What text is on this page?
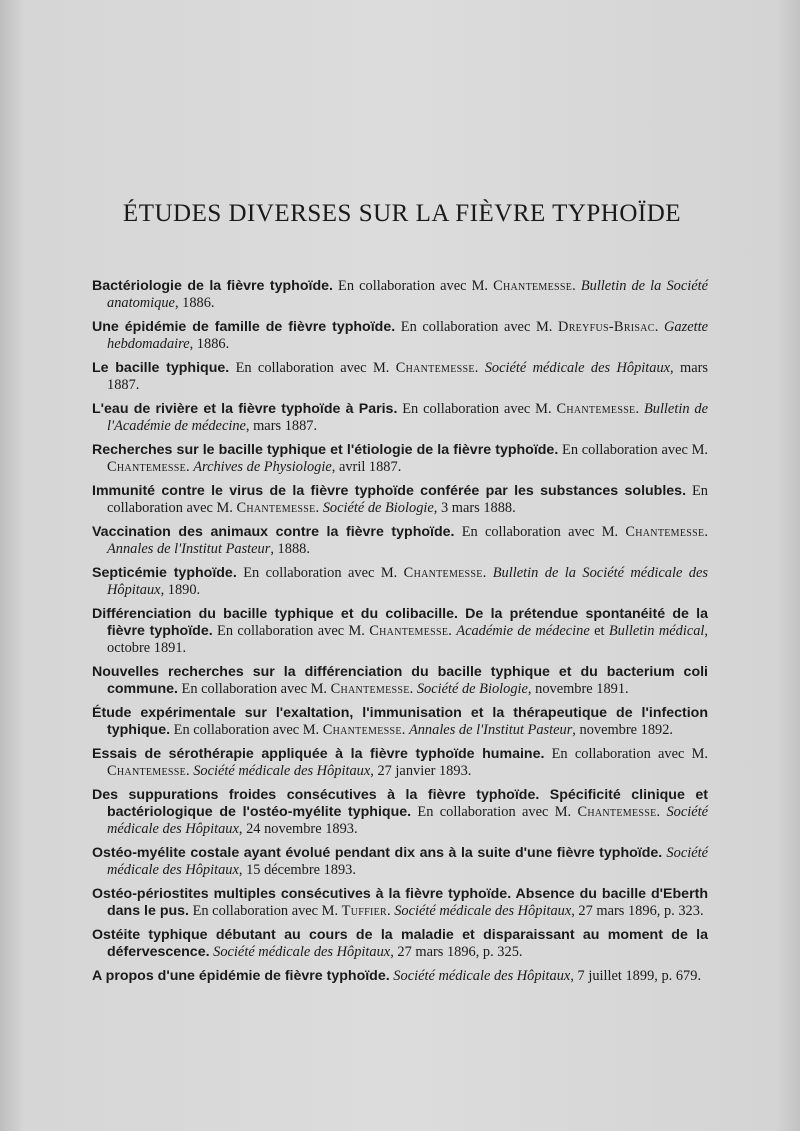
ÉTUDES DIVERSES SUR LA FIÈVRE TYPHOÏDE

Bactériologie de la fièvre typhoïde. En collaboration avec M. Chantemesse. Bulletin de la Société anatomique, 1886.

Une épidémie de famille de fièvre typhoïde. En collaboration avec M. Dreyfus-Brisac. Gazette hebdomadaire, 1886.

Le bacille typhique. En collaboration avec M. Chantemesse. Société médicale des Hôpitaux, mars 1887.

L'eau de rivière et la fièvre typhoïde à Paris. En collaboration avec M. Chantemesse. Bulletin de l'Académie de médecine, mars 1887.

Recherches sur le bacille typhique et l'étiologie de la fièvre typhoïde. En collaboration avec M. Chantemesse. Archives de Physiologie, avril 1887.

Immunité contre le virus de la fièvre typhoïde conférée par les substances solubles. En collaboration avec M. Chantemesse. Société de Biologie, 3 mars 1888.

Vaccination des animaux contre la fièvre typhoïde. En collaboration avec M. Chantemesse. Annales de l'Institut Pasteur, 1888.

Septicémie typhoïde. En collaboration avec M. Chantemesse. Bulletin de la Société médicale des Hôpitaux, 1890.

Différenciation du bacille typhique et du colibacille. De la prétendue spontanéité de la fièvre typhoïde. En collaboration avec M. Chantemesse. Académie de médecine et Bulletin médical, octobre 1891.

Nouvelles recherches sur la différenciation du bacille typhique et du bacterium coli commune. En collaboration avec M. Chantemesse. Société de Biologie, novembre 1891.

Étude expérimentale sur l'exaltation, l'immunisation et la thérapeutique de l'infection typhique. En collaboration avec M. Chantemesse. Annales de l'Institut Pasteur, novembre 1892.

Essais de sérothérapie appliquée à la fièvre typhoïde humaine. En collaboration avec M. Chantemesse. Société médicale des Hôpitaux, 27 janvier 1893.

Des suppurations froides consécutives à la fièvre typhoïde. Spécificité clinique et bactériologique de l'ostéo-myélite typhique. En collaboration avec M. Chantemesse. Société médicale des Hôpitaux, 24 novembre 1893.

Ostéo-myélite costale ayant évolué pendant dix ans à la suite d'une fièvre typhoïde. Société médicale des Hôpitaux, 15 décembre 1893.

Ostéo-périostites multiples consécutives à la fièvre typhoïde. Absence du bacille d'Eberth dans le pus. En collaboration avec M. Tuffier. Société médicale des Hôpitaux, 27 mars 1896, p. 323.

Ostéite typhique débutant au cours de la maladie et disparaissant au moment de la défervescence. Société médicale des Hôpitaux, 27 mars 1896, p. 325.

A propos d'une épidémie de fièvre typhoïde. Société médicale des Hôpitaux, 7 juillet 1899, p. 679.
